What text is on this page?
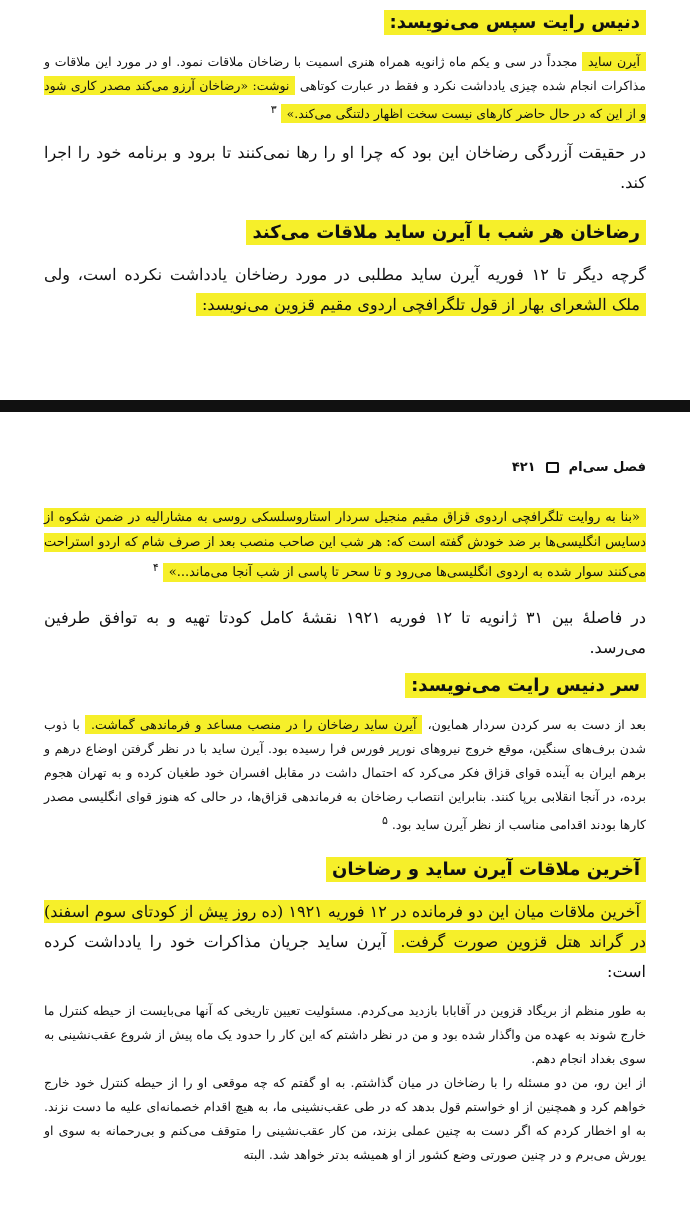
دنیس رایت سپس می‌نویسد:

آیرن ساید مجدداً در سی و یکم ماه ژانویه همراه هنری اسمیت با رضاخان ملاقات نمود. او در مورد این ملاقات و مذاکرات انجام شده چیزی یادداشت نکرد و فقط در عبارت کوتاهی نوشت: «رضاخان آرزو می‌کند مصدر کاری شود و از این که در حال حاضر کارهای نیست سخت اظهار دلتنگی می‌کند.»۳

در حقیقت آزردگی رضاخان این بود که چرا او را رها نمی‌کنند تا برود و برنامه خود را اجرا کند.

رضاخان هر شب با آیرن ساید ملاقات می‌کند

گرچه دیگر تا ۱۲ فوریه آیرن ساید مطلبی در مورد رضاخان یادداشت نکرده است، ولی ملک الشعرای بهار از قول تلگرافچی اردوی مقیم قزوین می‌نویسد:

فصل سی‌ام
۴۲۱

«بنا به روایت تلگرافچی اردوی قزاق مقیم منجیل سردار استاروسلسکی روسی به مشارالیه در ضمن شکوه از دسایس انگلیسی‌ها بر ضد خودش گفته است که: هر شب این صاحب منصب بعد از صرف شام که اردو استراحت می‌کنند سوار شده به اردوی انگلیسی‌ها می‌رود و تا سحر تا پاسی از شب آنجا می‌ماند...»$^۴$

در فاصلهٔ بین ۳۱ ژانویه تا ۱۲ فوریه ۱۹۲۱ نقشهٔ کامل کودتا تهیه و به توافق طرفین می‌رسد.

سر دنیس رایت می‌نویسد:

بعد از دست به سر کردن سردار همایون، آیرن ساید رضاخان را در منصب مساعد و فرماندهی گماشت. با ذوب شدن برف‌های سنگین، موقع خروج نیروهای نورپر فورس فرا رسیده بود. آیرن ساید با در نظر گرفتن اوضاع درهم و برهم ایران به آینده قوای قزاق فکر می‌کرد که احتمال داشت در مقابل افسران خود طغیان کرده و به تهران هجوم برده، در آنجا انقلابی برپا کنند. بنابراین انتصاب رضاخان به فرماندهی قزاق‌ها، در حالی که هنوز قوای انگلیسی مصدر کارها بودند اقدامی مناسب از نظر آیرن ساید بود.۵

آخرین ملاقات آیرن ساید و رضاخان

آخرین ملاقات میان این دو فرمانده در ۱۲ فوریه ۱۹۲۱ (ده روز پیش از کودتای سوم اسفند) در گراند هتل قزوین صورت گرفت. آیرن ساید جریان مذاکرات خود را یادداشت کرده است:

به طور منظم از بریگاد قزوین در آقابابا بازدید می‌کردم. مسئولیت تعیین تاریخی که آنها می‌بایست از حیطه کنترل ما خارج شوند به عهده من واگذار شده بود و من در نظر داشتم که این کار را حدود یک ماه پیش از شروع عقب‌نشینی به سوی بغداد انجام دهم.

از این رو، من دو مسئله را با رضاخان در میان گذاشتم. به او گفتم که چه موقعی او را از حیطه کنترل خود خارج خواهم کرد و همچنین از او خواستم قول بدهد که در طی عقب‌نشینی ما، به هیچ اقدام خصمانه‌ای علیه ما دست نزند. به او اخطار کردم که اگر دست به چنین عملی بزند، من کار عقب‌نشینی را متوقف می‌کنم و بی‌رحمانه به سوی او یورش می‌برم و در چنین صورتی وضع کشور از او همیشه بدتر خواهد شد. البته
